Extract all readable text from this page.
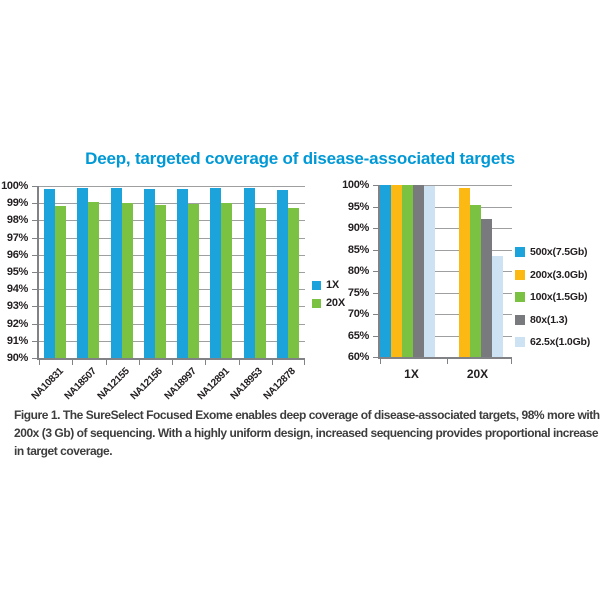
Deep, targeted coverage of disease-associated targets
100%
99%
98%
97%
96%
95%
94%
93%
92%
91%
90%
NA10831
NA18507
NA12155
NA12156
NA18997
NA12891
NA18953
NA12878
1X
20X
100%
95%
90%
85%
80%
75%
70%
65%
60%
1X	20X
500x(7.5Gb)
200x(3.0Gb)
100x(1.5Gb)
80x(1.3)
62.5x(1.0Gb)
Figure 1. The SureSelect Focused Exome enables deep coverage of disease-associated targets, 98% more with
200x (3 Gb) of sequencing. With a highly uniform design, increased sequencing provides proportional increase
in target coverage.
